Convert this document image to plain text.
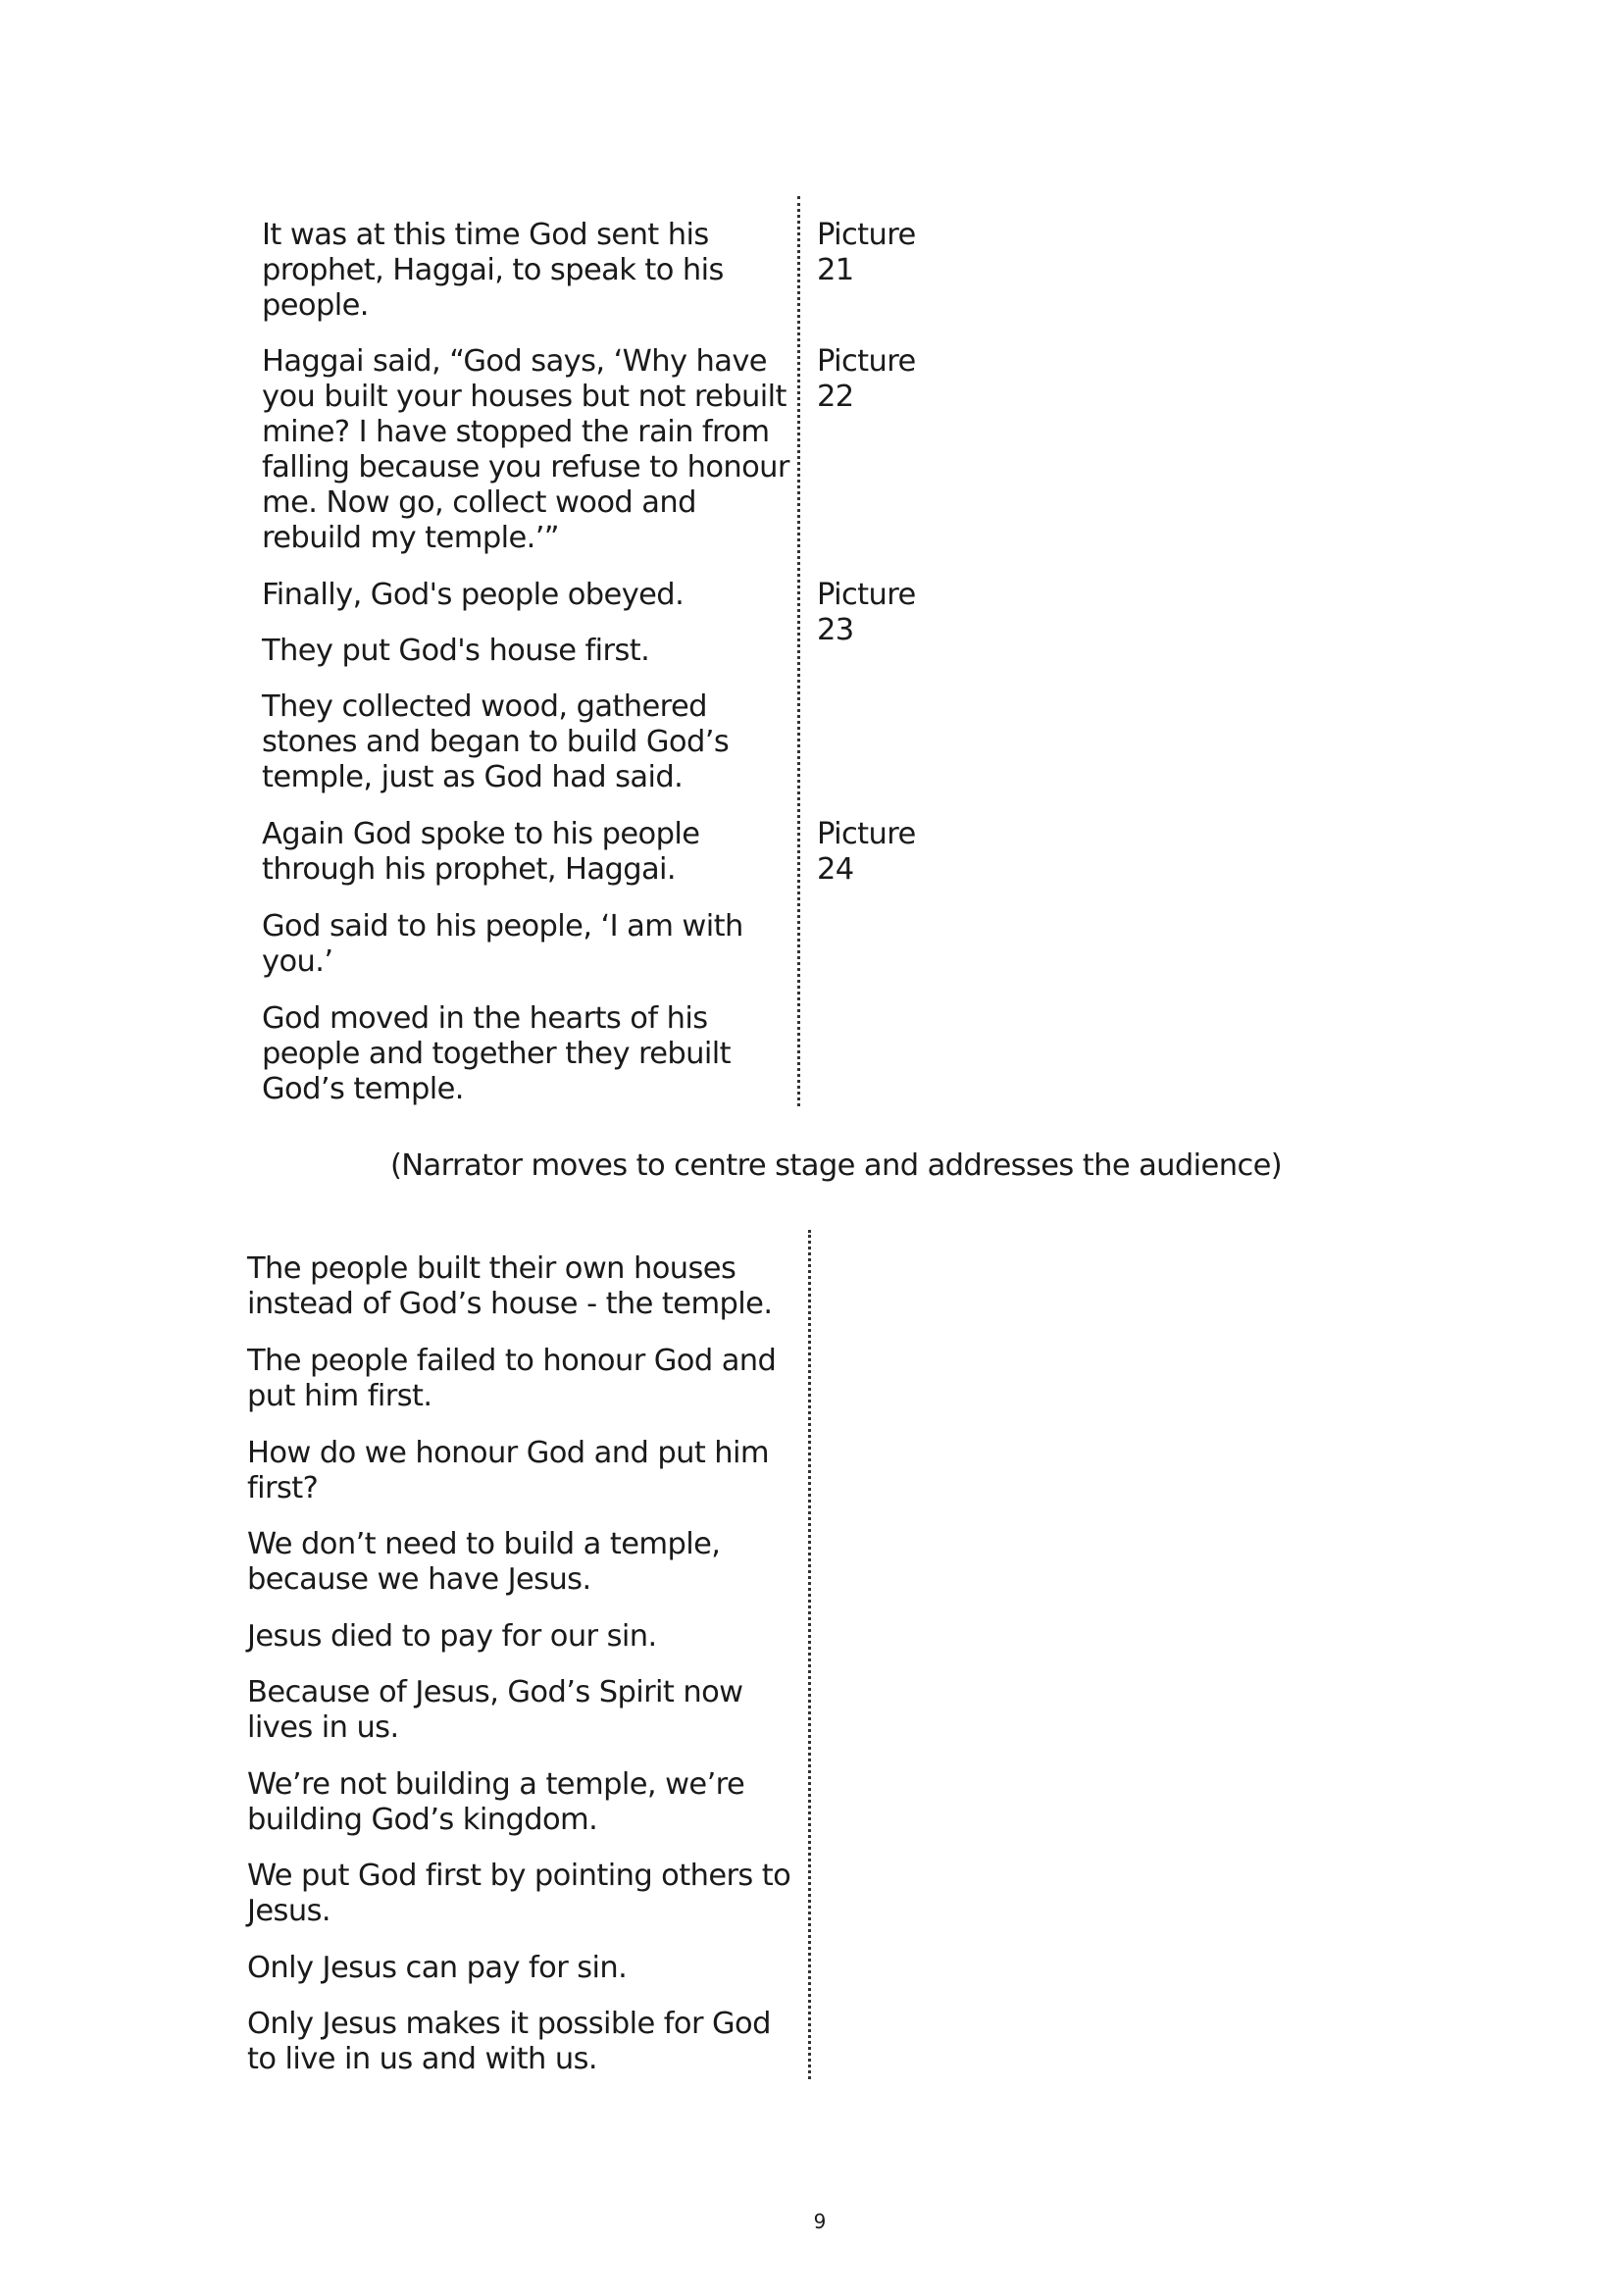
It was at this time God sent his prophet, Haggai, to speak to his people.

Haggai said, “God says, ‘Why have you built your houses but not rebuilt mine? I have stopped the rain from falling because you refuse to honour me. Now go, collect wood and rebuild my temple.’”

Finally, God's people obeyed.

They put God's house first.

They collected wood, gathered stones and began to build God’s temple, just as God had said.

Again God spoke to his people through his prophet, Haggai.

God said to his people, ‘I am with you.’

God moved in the hearts of his people and together they rebuilt God’s temple.

Picture 21

Picture 22

Picture 23

Picture 24

(Narrator moves to centre stage and addresses the audience)

The people built their own houses instead of God’s house - the temple.

The people failed to honour God and put him first.

How do we honour God and put him first?

We don’t need to build a temple, because we have Jesus.

Jesus died to pay for our sin.

Because of Jesus, God’s Spirit now lives in us.

We’re not building a temple, we’re building God’s kingdom.

We put God first by pointing others to Jesus.

Only Jesus can pay for sin.

Only Jesus makes it possible for God to live in us and with us.

9
